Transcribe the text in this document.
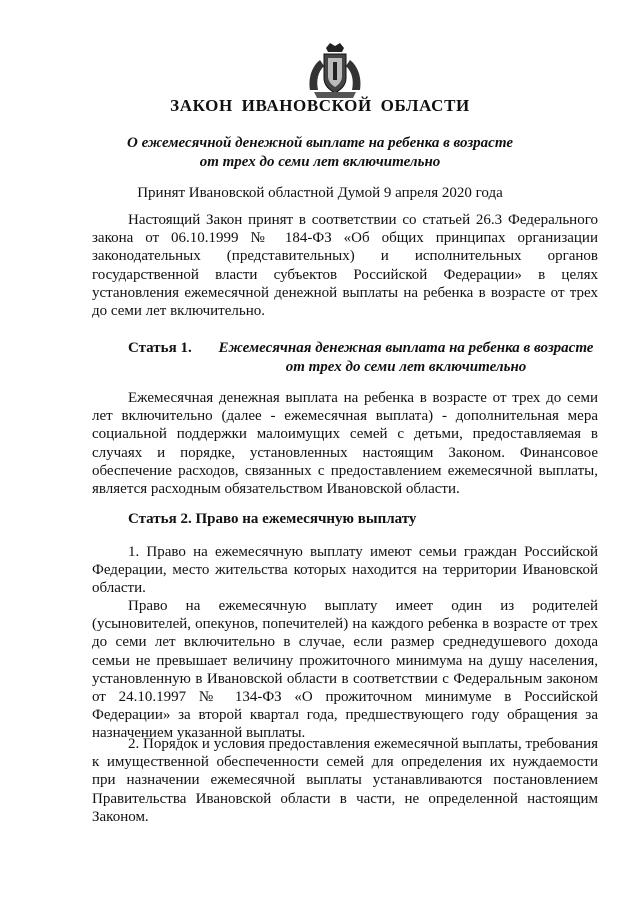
ЗАКОН ИВАНОВСКОЙ ОБЛАСТИ
О ежемесячной денежной выплате на ребенка в возрасте
от трех до семи лет включительно
Принят Ивановской областной Думой 9 апреля 2020 года

Настоящий Закон принят в соответствии со статьей 26.3 Федерального закона от 06.10.1999 № 184-ФЗ «Об общих принципах организации законодательных (представительных) и исполнительных органов государственной власти субъектов Российской Федерации» в целях установления ежемесячной денежной выплаты на ребенка в возрасте от трех до семи лет включительно.

Статья 1.	Ежемесячная денежная выплата на ребенка в возрасте от трех до семи лет включительно

Ежемесячная денежная выплата на ребенка в возрасте от трех до семи лет включительно (далее - ежемесячная выплата) - дополнительная мера социальной поддержки малоимущих семей с детьми, предоставляемая в случаях и порядке, установленных настоящим Законом. Финансовое обеспечение расходов, связанных с предоставлением ежемесячной выплаты, является расходным обязательством Ивановской области.

Статья 2. Право на ежемесячную выплату

1. Право на ежемесячную выплату имеют семьи граждан Российской Федерации, место жительства которых находится на территории Ивановской области.

Право на ежемесячную выплату имеет один из родителей (усыновителей, опекунов, попечителей) на каждого ребенка в возрасте от трех до семи лет включительно в случае, если размер среднедушевого дохода семьи не превышает величину прожиточного минимума на душу населения, установленную в Ивановской области в соответствии с Федеральным законом от 24.10.1997 № 134-ФЗ «О прожиточном минимуме в Российской Федерации» за второй квартал года, предшествующего году обращения за назначением указанной выплаты.

2. Порядок и условия предоставления ежемесячной выплаты, требования к имущественной обеспеченности семей для определения их нуждаемости при назначении ежемесячной выплаты устанавливаются постановлением Правительства Ивановской области в части, не определенной настоящим Законом.
